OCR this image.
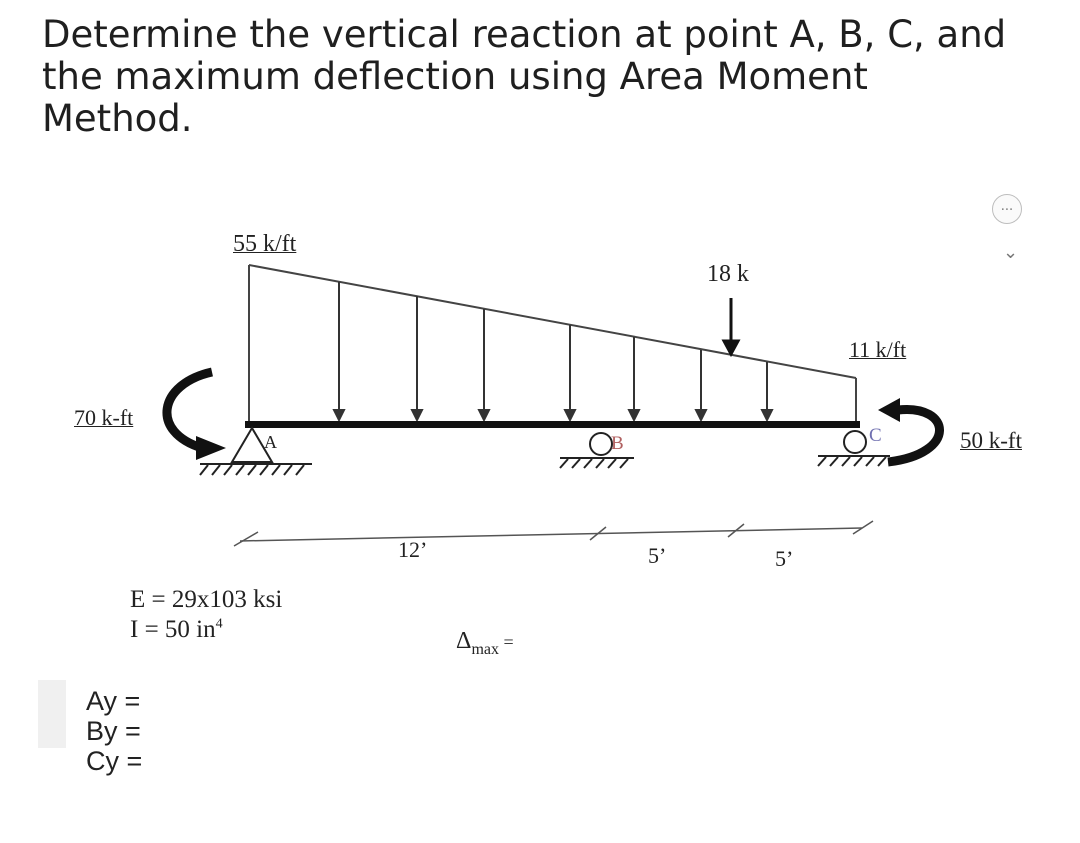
Determine the vertical reaction at point A, B, C, and
the maximum deflection using Area Moment
Method.
55 k/ft
18 k
11 k/ft
70 k-ft
50 k-ft
A	B	C
12’	5’	5’
E = 29x103 ksi
I = 50 $in^4$
$\Delta_{max}$ =
Ay =
By =
Cy =
...
⌄
